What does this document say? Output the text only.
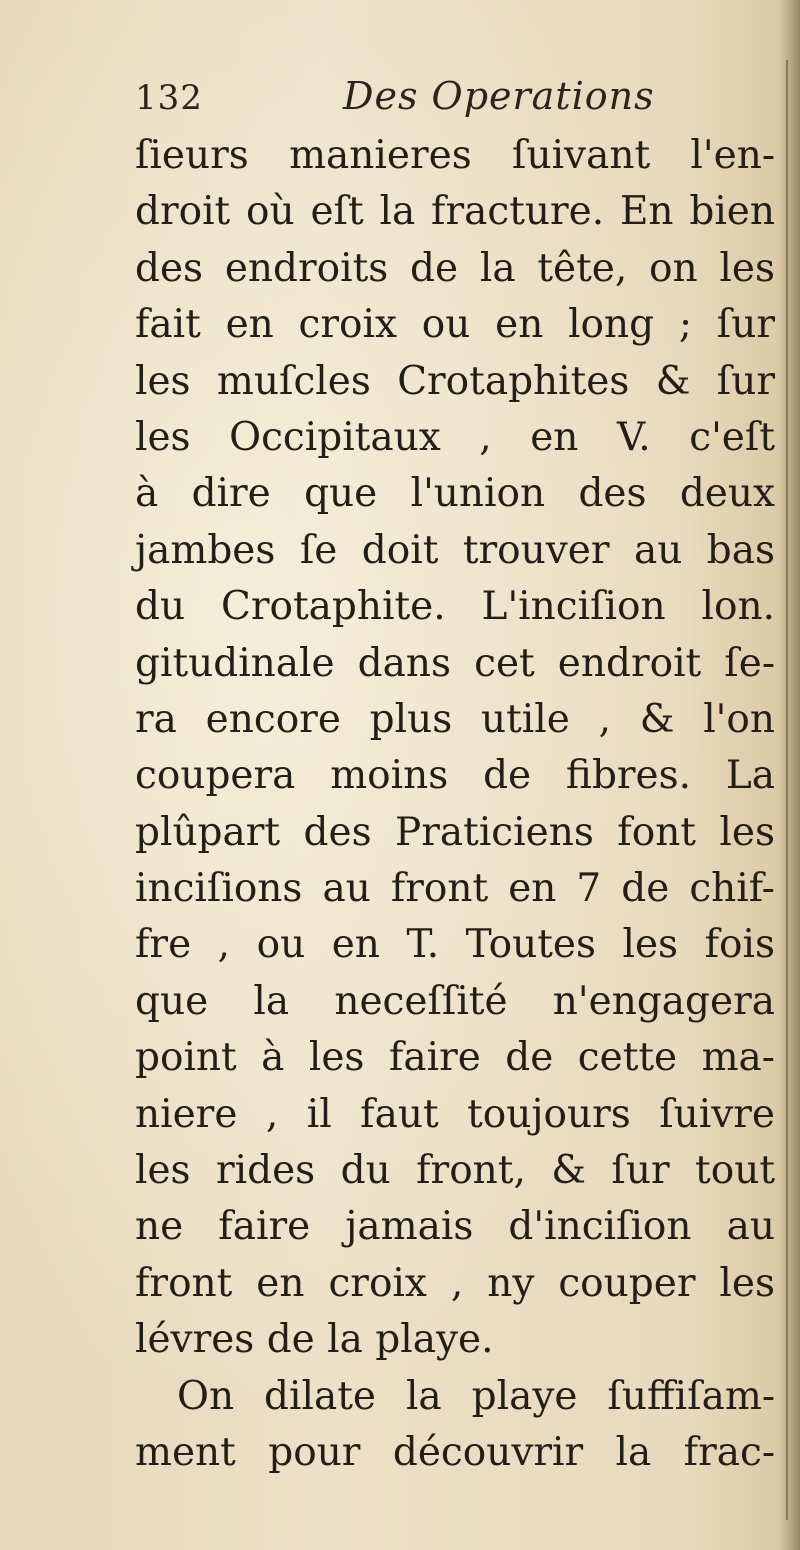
132	Des Operations
ſieurs manieres ſuivant l'en-
droit où eſt la fracture. En bien
des endroits de la tête, on les
fait en croix ou en long ; ſur
les muſcles Crotaphites & ſur
les Occipitaux , en V. c'eſt
à dire que l'union des deux
jambes ſe doit trouver au bas
du Crotaphite. L'inciſion lon.
gitudinale dans cet endroit ſe-
ra encore plus utile , & l'on
coupera moins de fibres. La
plûpart des Praticiens font les
inciſions au front en 7 de chif-
fre , ou en T. Toutes les fois
que la neceſſité n'engagera
point à les faire de cette ma-
niere , il faut toujours ſuivre
les rides du front, & ſur tout
ne faire jamais d'inciſion au
front en croix , ny couper les
lévres de la playe.
On dilate la playe ſuffiſam-
ment pour découvrir la frac-
